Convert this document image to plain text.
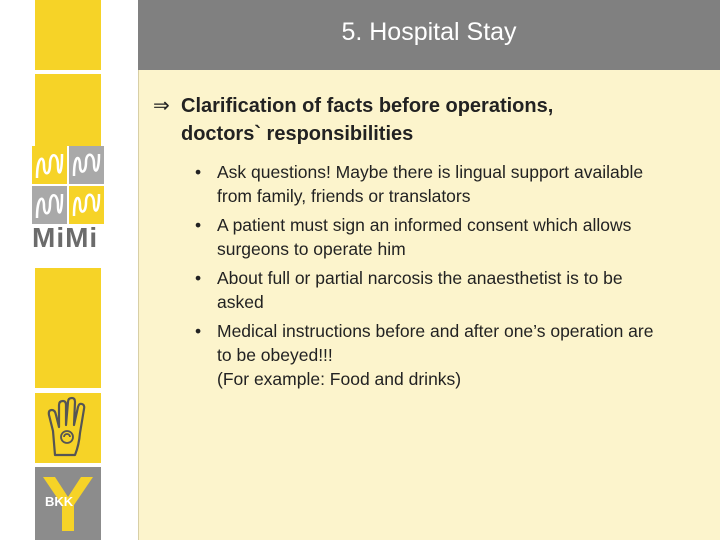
MiMi
BKK
5. Hospital Stay
⇒ Clarification of facts before operations,
doctors` responsibilities
• Ask questions! Maybe there is lingual support available
from family, friends or translators
• A patient must sign an informed consent which allows
surgeons to operate him
• About full or partial narcosis the anaesthetist is to be
asked
• Medical instructions before and after one’s operation are
to be obeyed!!!
(For example: Food and drinks)
